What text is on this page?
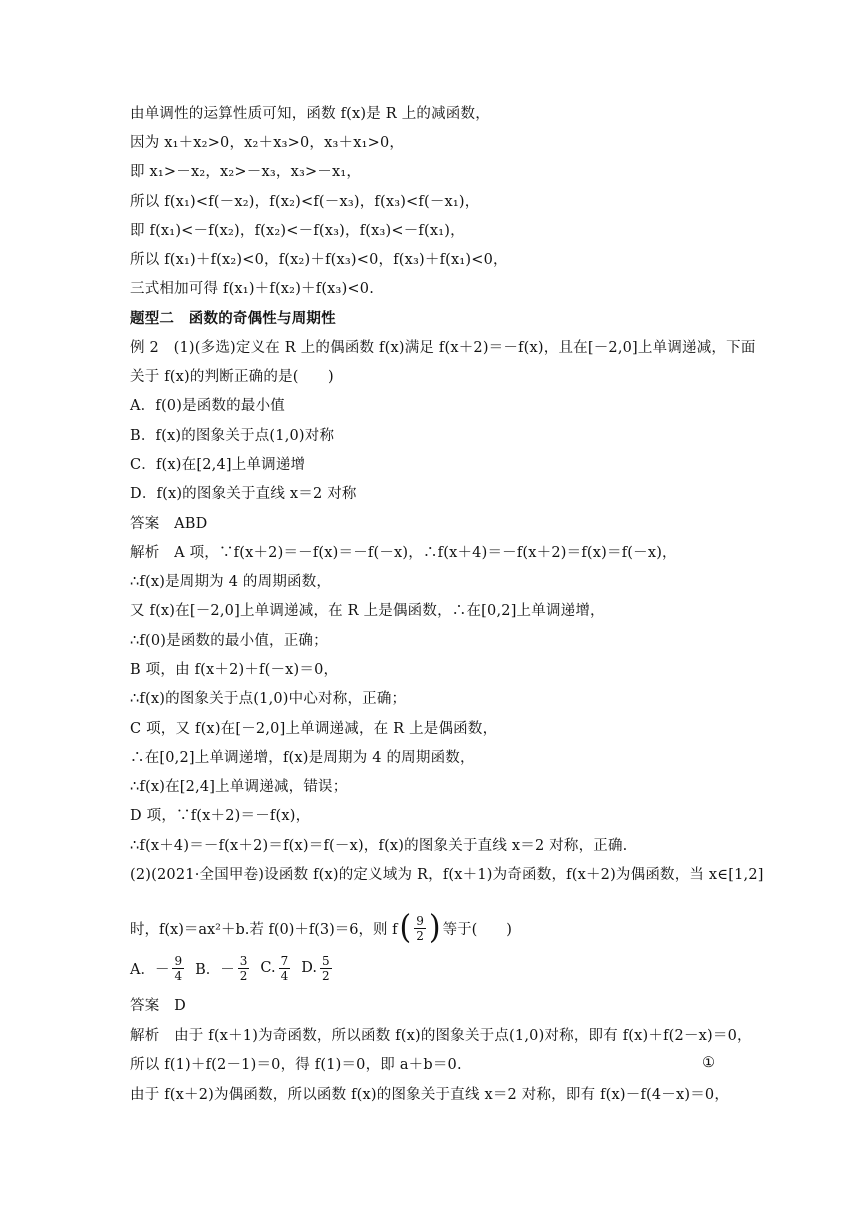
由单调性的运算性质可知，函数 f(x)是 R 上的减函数，
因为 x₁＋x₂>0，x₂＋x₃>0，x₃＋x₁>0，
即 x₁>－x₂，x₂>－x₃，x₃>－x₁，
所以 f(x₁)<f(－x₂)，f(x₂)<f(－x₃)，f(x₃)<f(－x₁)，
即 f(x₁)<－f(x₂)，f(x₂)<－f(x₃)，f(x₃)<－f(x₁)，
所以 f(x₁)＋f(x₂)<0，f(x₂)＋f(x₃)<0，f(x₃)＋f(x₁)<0，
三式相加可得 f(x₁)＋f(x₂)＋f(x₃)<0.
题型二　函数的奇偶性与周期性
例 2　(1)(多选)定义在 R 上的偶函数 f(x)满足 f(x＋2)＝－f(x)，且在[－2,0]上单调递减，下面
关于 f(x)的判断正确的是(　　)
A．f(0)是函数的最小值
B．f(x)的图象关于点(1,0)对称
C．f(x)在[2,4]上单调递增
D．f(x)的图象关于直线 x＝2 对称
答案　ABD
解析　A 项，∵f(x＋2)＝－f(x)＝－f(－x)，∴f(x＋4)＝－f(x＋2)＝f(x)＝f(－x)，
∴f(x)是周期为 4 的周期函数，
又 f(x)在[－2,0]上单调递减，在 R 上是偶函数，∴在[0,2]上单调递增，
∴f(0)是函数的最小值，正确；
B 项，由 f(x＋2)＋f(－x)＝0，
∴f(x)的图象关于点(1,0)中心对称，正确；
C 项，又 f(x)在[－2,0]上单调递减，在 R 上是偶函数，
∴在[0,2]上单调递增，f(x)是周期为 4 的周期函数，
∴f(x)在[2,4]上单调递减，错误；
D 项，∵f(x＋2)＝－f(x)，
∴f(x＋4)＝－f(x＋2)＝f(x)＝f(－x)，f(x)的图象关于直线 x＝2 对称，正确.
(2)(2021·全国甲卷)设函数 f(x)的定义域为 R，f(x＋1)为奇函数，f(x＋2)为偶函数，当 x∈[1,2]
答案　D
解析　由于 f(x＋1)为奇函数，所以函数 f(x)的图象关于点(1,0)对称，即有 f(x)＋f(2－x)＝0，
所以 f(1)＋f(2－1)＝0，得 f(1)＝0，即 a＋b＝0.
由于 f(x＋2)为偶函数，所以函数 f(x)的图象关于直线 x＝2 对称，即有 f(x)－f(4－x)＝0，
时，f(x)＝ax²＋b.若 f(0)＋f(3)＝6，则 f ( $\frac{9}{2}$ ) 等于(　　)
A．－ $\frac{9}{4}$ B．－ $\frac{3}{2} C$. $\frac{7}{4} D$. $\frac{5}{2}$
①
